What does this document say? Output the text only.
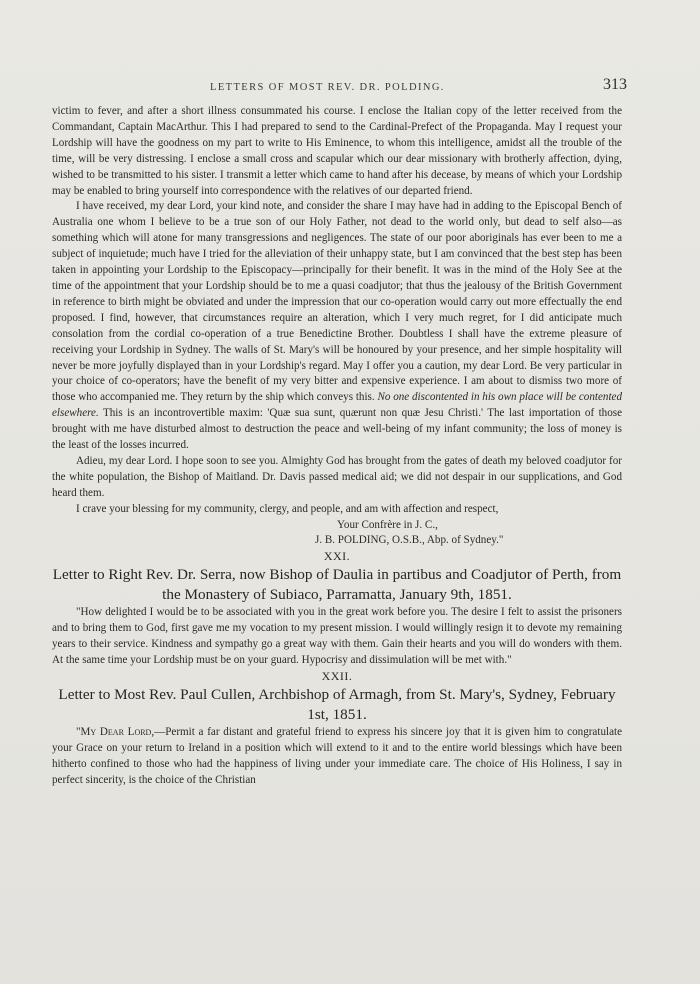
LETTERS OF MOST REV. DR. POLDING.	313

victim to fever, and after a short illness consummated his course. I enclose the Italian copy of the letter received from the Commandant, Captain MacArthur. This I had prepared to send to the Cardinal-Prefect of the Propaganda. May I request your Lordship will have the goodness on my part to write to His Eminence, to whom this intelligence, amidst all the trouble of the time, will be very distressing. I enclose a small cross and scapular which our dear missionary with brotherly affection, dying, wished to be transmitted to his sister. I transmit a letter which came to hand after his decease, by means of which your Lordship may be enabled to bring yourself into correspondence with the relatives of our departed friend.

I have received, my dear Lord, your kind note, and consider the share I may have had in adding to the Episcopal Bench of Australia one whom I believe to be a true son of our Holy Father, not dead to the world only, but dead to self also—as something which will atone for many transgressions and negligences. The state of our poor aboriginals has ever been to me a subject of inquietude; much have I tried for the alleviation of their unhappy state, but I am convinced that the best step has been taken in appointing your Lordship to the Episcopacy—principally for their benefit. It was in the mind of the Holy See at the time of the appointment that your Lordship should be to me a quasi coadjutor; that thus the jealousy of the British Government in reference to birth might be obviated and under the impression that our co-operation would carry out more effectually the end proposed. I find, however, that circumstances require an alteration, which I very much regret, for I did anticipate much consolation from the cordial co-operation of a true Benedictine Brother. Doubtless I shall have the extreme pleasure of receiving your Lordship in Sydney. The walls of St. Mary's will be honoured by your presence, and her simple hospitality will never be more joyfully displayed than in your Lordship's regard. May I offer you a caution, my dear Lord. Be very particular in your choice of co-operators; have the benefit of my very bitter and expensive experience. I am about to dismiss two more of those who accompanied me. They return by the ship which conveys this. No one discontented in his own place will be contented elsewhere. This is an incontrovertible maxim: 'Quæ sua sunt, quærunt non quæ Jesu Christi.' The last importation of those brought with me have disturbed almost to destruction the peace and well-being of my infant community; the loss of money is the least of the losses incurred.

Adieu, my dear Lord. I hope soon to see you. Almighty God has brought from the gates of death my beloved coadjutor for the white population, the Bishop of Maitland. Dr. Davis passed medical aid; we did not despair in our supplications, and God heard them.

I crave your blessing for my community, clergy, and people, and am with affection and respect,

Your Confrère in J. C.,

J. B. POLDING, O.S.B., Abp. of Sydney."

XXI.

Letter to Right Rev. Dr. Serra, now Bishop of Daulia in partibus and Coadjutor of Perth, from the Monastery of Subiaco, Parramatta, January 9th, 1851.

"How delighted I would be to be associated with you in the great work before you. The desire I felt to assist the prisoners and to bring them to God, first gave me my vocation to my present mission. I would willingly resign it to devote my remaining years to their service. Kindness and sympathy go a great way with them. Gain their hearts and you will do wonders with them. At the same time your Lordship must be on your guard. Hypocrisy and dissimulation will be met with."

XXII.

Letter to Most Rev. Paul Cullen, Archbishop of Armagh, from St. Mary's, Sydney, February 1st, 1851.

"My Dear Lord,—Permit a far distant and grateful friend to express his sincere joy that it is given him to congratulate your Grace on your return to Ireland in a position which will extend to it and to the entire world blessings which have been hitherto confined to those who had the happiness of living under your immediate care. The choice of His Holiness, I say in perfect sincerity, is the choice of the Christian
